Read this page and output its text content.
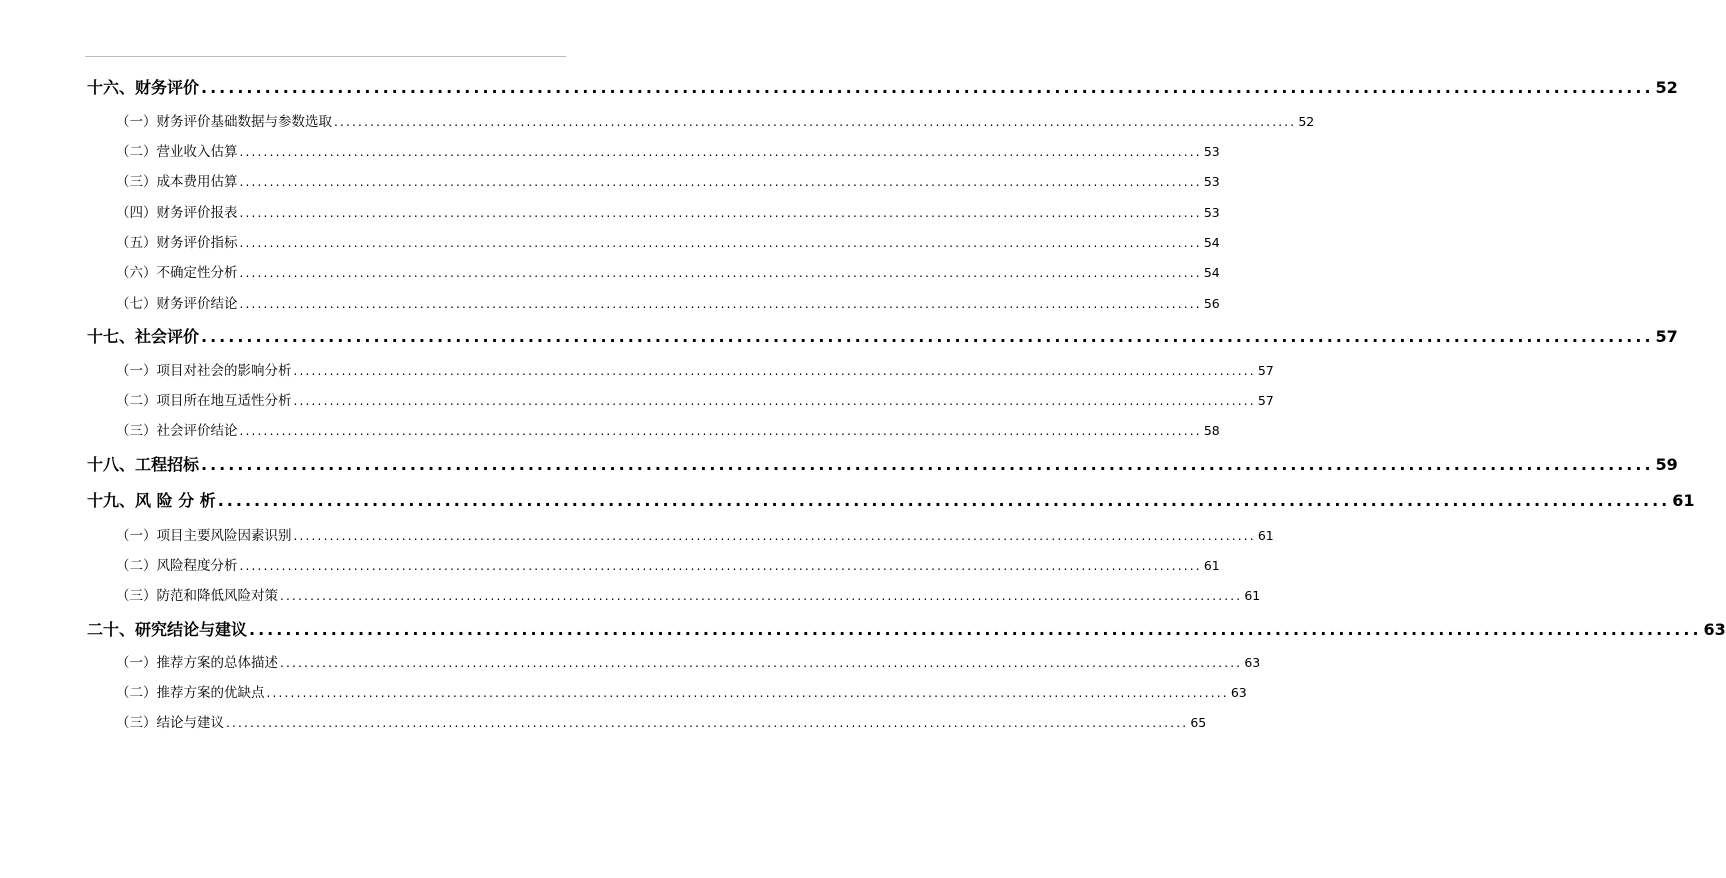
十六、财务评价 ................................................................................................................................................................ 52
（一）财务评价基础数据与参数选取 ................................................................................................................................................................ 52
（二）营业收入估算 ................................................................................................................................................................ 53
（三）成本费用估算 ................................................................................................................................................................ 53
（四）财务评价报表 ................................................................................................................................................................ 53
（五）财务评价指标 ................................................................................................................................................................ 54
（六）不确定性分析 ................................................................................................................................................................ 54
（七）财务评价结论 ................................................................................................................................................................ 56
十七、社会评价 ................................................................................................................................................................ 57
（一）项目对社会的影响分析 ................................................................................................................................................................ 57
（二）项目所在地互适性分析 ................................................................................................................................................................ 57
（三）社会评价结论 ................................................................................................................................................................ 58
十八、工程招标 ................................................................................................................................................................ 59
十九、风 险 分 析 ................................................................................................................................................................ 61
（一）项目主要风险因素识别 ................................................................................................................................................................ 61
（二）风险程度分析 ................................................................................................................................................................ 61
（三）防范和降低风险对策 ................................................................................................................................................................ 61
二十、研究结论与建议 ................................................................................................................................................................ 63
（一）推荐方案的总体描述 ................................................................................................................................................................ 63
（二）推荐方案的优缺点 ................................................................................................................................................................ 63
（三）结论与建议 ................................................................................................................................................................ 65
